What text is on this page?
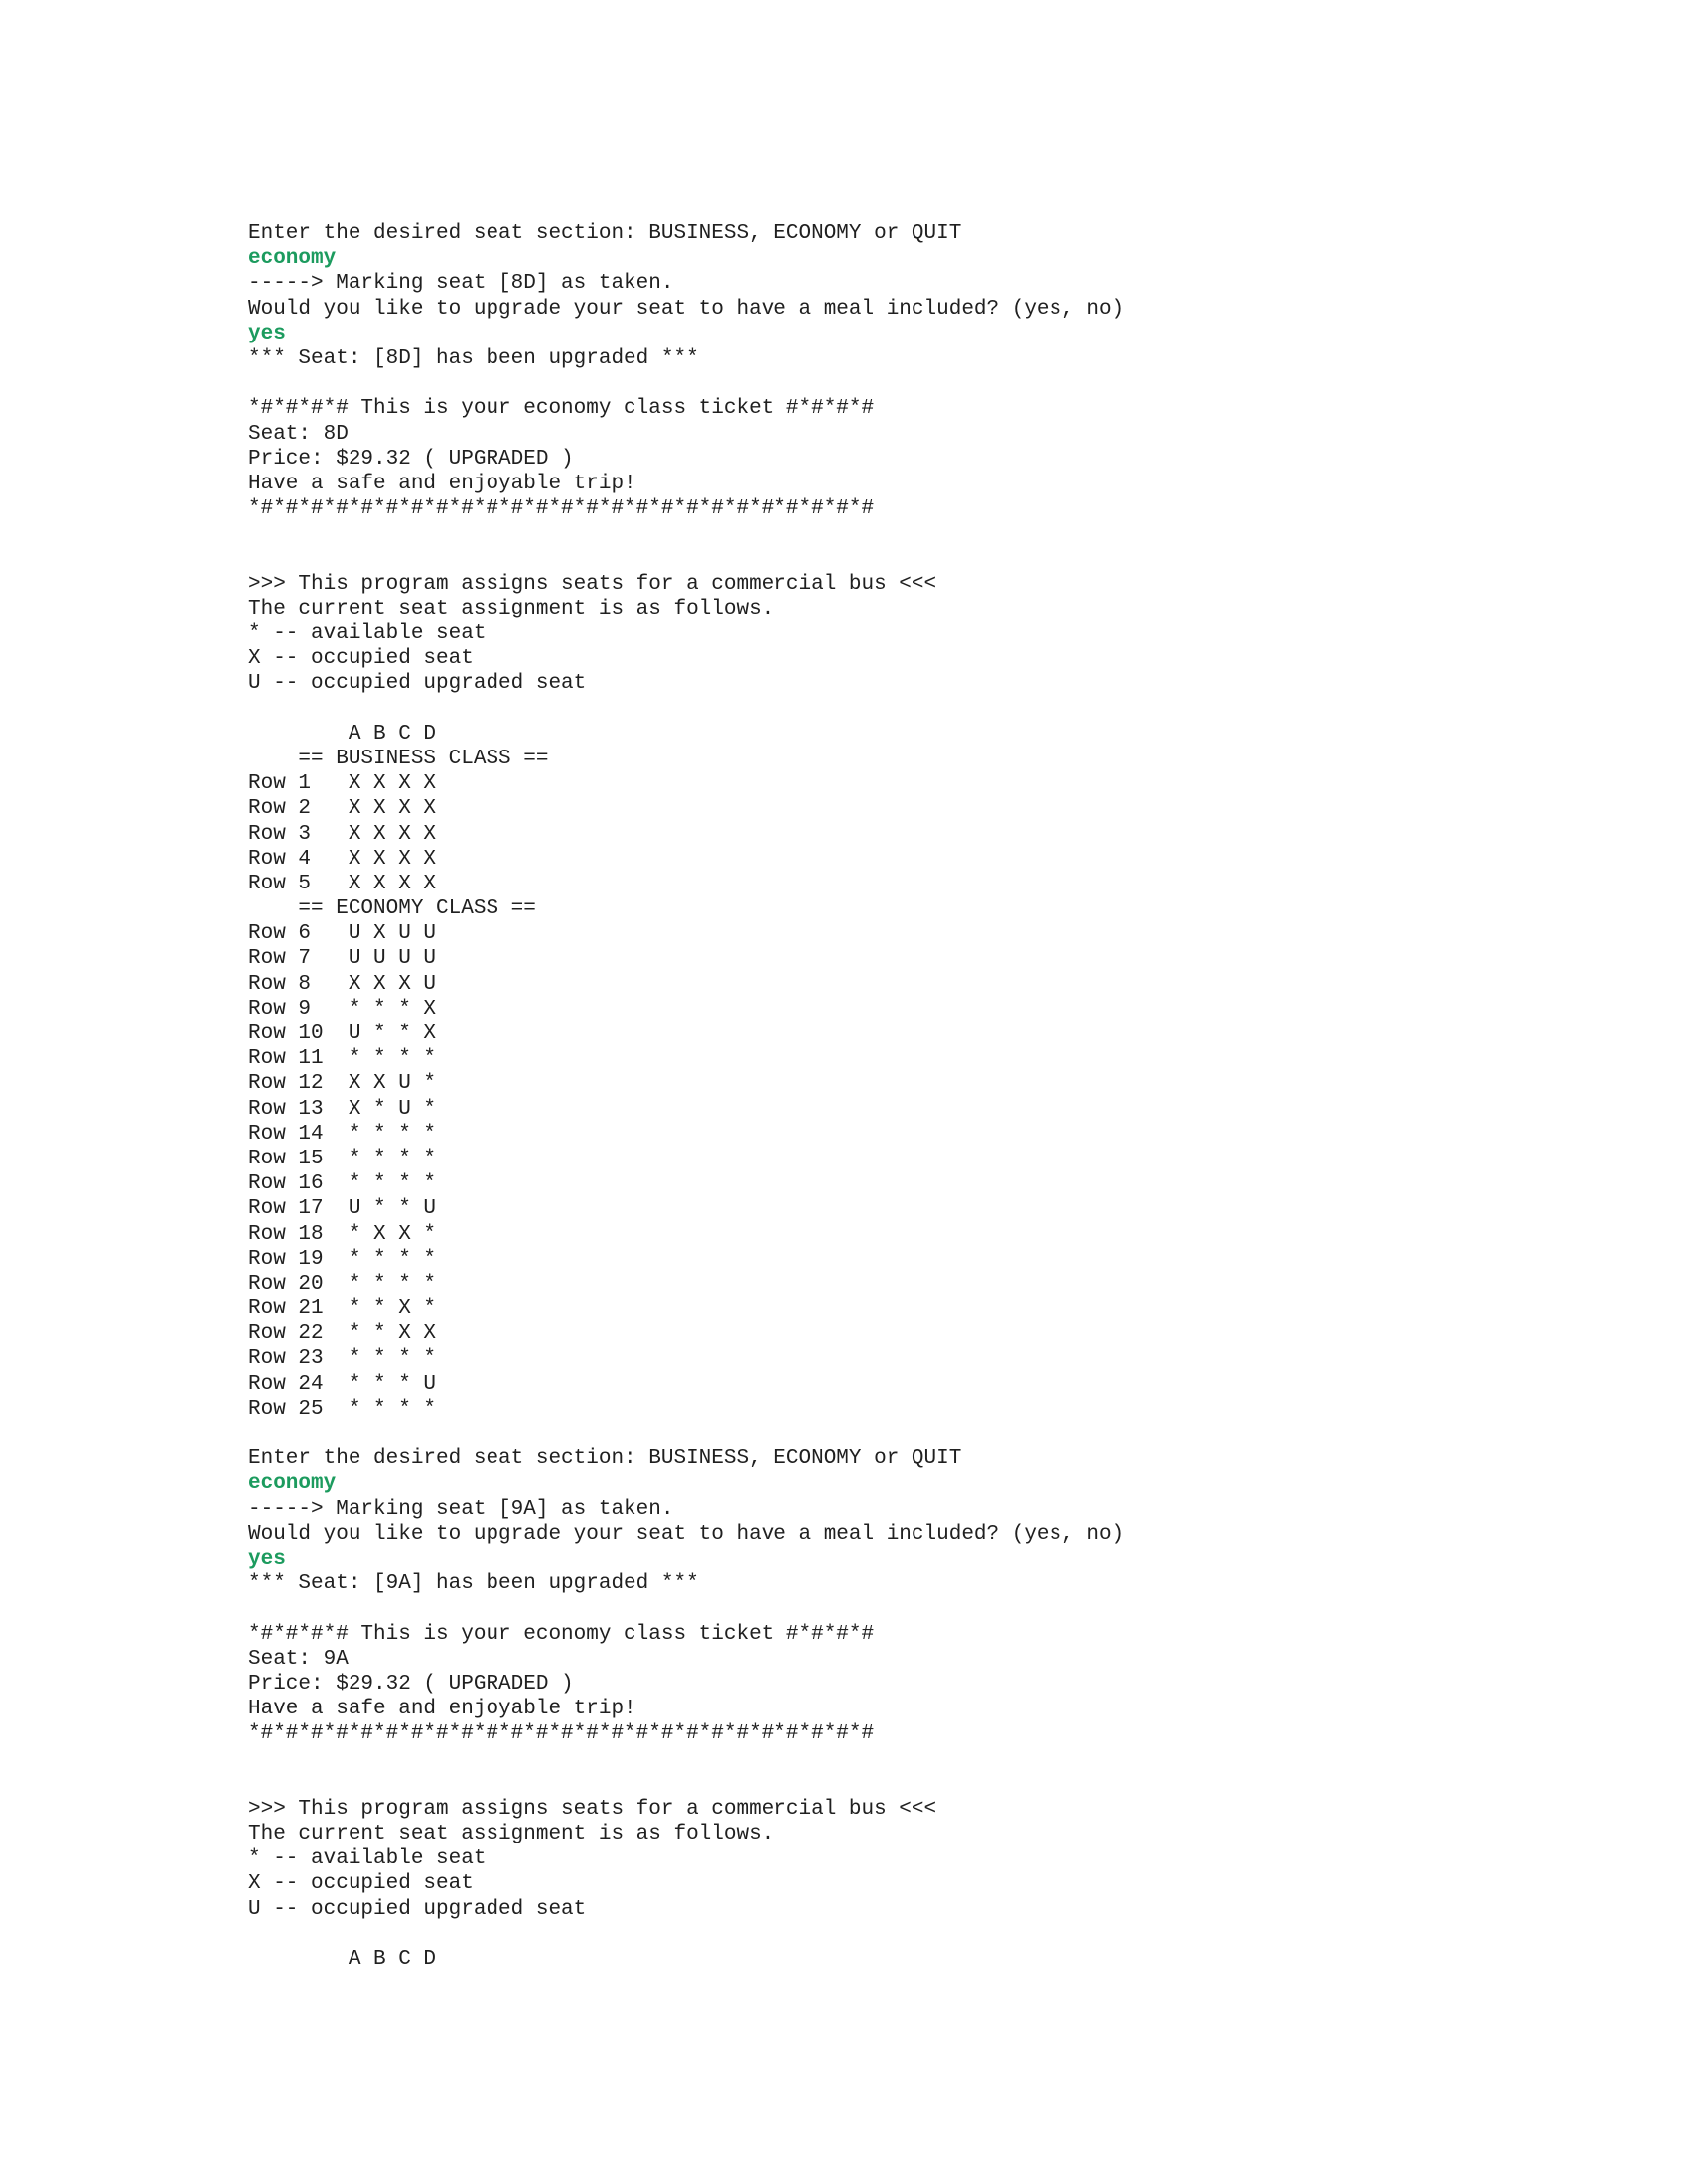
Enter the desired seat section: BUSINESS, ECONOMY or QUIT
economy
-----> Marking seat [8D] as taken.
Would you like to upgrade your seat to have a meal included? (yes, no)
yes
*** Seat: [8D] has been upgraded ***
*#*#*#*# This is your economy class ticket #*#*#*#
Seat: 8D
Price: $29.32 ( UPGRADED )
Have a safe and enjoyable trip!
*#*#*#*#*#*#*#*#*#*#*#*#*#*#*#*#*#*#*#*#*#*#*#*#*#
>>> This program assigns seats for a commercial bus <<<
The current seat assignment is as follows.
* -- available seat
X -- occupied seat
U -- occupied upgraded seat
A B C D
== BUSINESS CLASS ==
Row 1   X X X X
Row 2   X X X X
Row 3   X X X X
Row 4   X X X X
Row 5   X X X X
== ECONOMY CLASS ==
Row 6   U X U U
Row 7   U U U U
Row 8   X X X U
Row 9   * * * X
Row 10  U * * X
Row 11  * * * *
Row 12  X X U *
Row 13  X * U *
Row 14  * * * *
Row 15  * * * *
Row 16  * * * *
Row 17  U * * U
Row 18  * X X *
Row 19  * * * *
Row 20  * * * *
Row 21  * * X *
Row 22  * * X X
Row 23  * * * *
Row 24  * * * U
Row 25  * * * *
Enter the desired seat section: BUSINESS, ECONOMY or QUIT
economy
-----> Marking seat [9A] as taken.
Would you like to upgrade your seat to have a meal included? (yes, no)
yes
*** Seat: [9A] has been upgraded ***
*#*#*#*# This is your economy class ticket #*#*#*#
Seat: 9A
Price: $29.32 ( UPGRADED )
Have a safe and enjoyable trip!
*#*#*#*#*#*#*#*#*#*#*#*#*#*#*#*#*#*#*#*#*#*#*#*#*#
>>> This program assigns seats for a commercial bus <<<
The current seat assignment is as follows.
* -- available seat
X -- occupied seat
U -- occupied upgraded seat
A B C D
